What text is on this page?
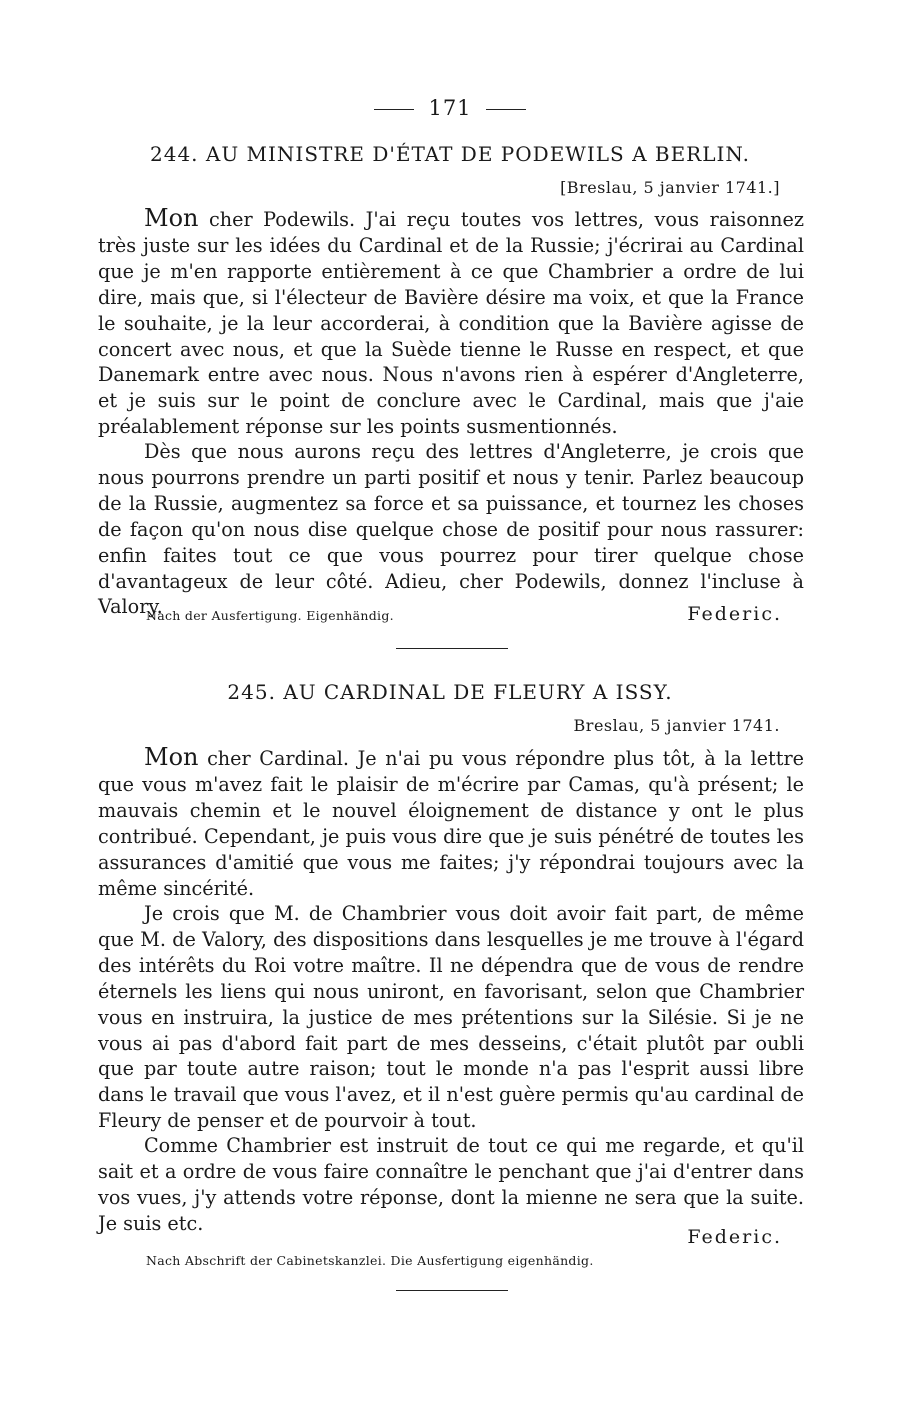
171
244. AU MINISTRE D'ÉTAT DE PODEWILS A BERLIN.
[Breslau, 5 janvier 1741.]

Mon cher Podewils. J'ai reçu toutes vos lettres, vous raisonnez très juste sur les idées du Cardinal et de la Russie; j'écrirai au Cardinal que je m'en rapporte entièrement à ce que Chambrier a ordre de lui dire, mais que, si l'électeur de Bavière désire ma voix, et que la France le souhaite, je la leur accorderai, à condition que la Bavière agisse de concert avec nous, et que la Suède tienne le Russe en respect, et que Danemark entre avec nous. Nous n'avons rien à espérer d'Angleterre, et je suis sur le point de conclure avec le Cardinal, mais que j'aie préalablement réponse sur les points susmentionnés.

Dès que nous aurons reçu des lettres d'Angleterre, je crois que nous pourrons prendre un parti positif et nous y tenir. Parlez beaucoup de la Russie, augmentez sa force et sa puissance, et tournez les choses de façon qu'on nous dise quelque chose de positif pour nous rassurer: enfin faites tout ce que vous pourrez pour tirer quelque chose d'avantageux de leur côté. Adieu, cher Podewils, donnez l'incluse à Valory.

Nach der Ausfertigung. Eigenhändig.	Federic.
245. AU CARDINAL DE FLEURY A ISSY.
Breslau, 5 janvier 1741.

Mon cher Cardinal. Je n'ai pu vous répondre plus tôt, à la lettre que vous m'avez fait le plaisir de m'écrire par Camas, qu'à présent; le mauvais chemin et le nouvel éloignement de distance y ont le plus contribué. Cependant, je puis vous dire que je suis pénétré de toutes les assurances d'amitié que vous me faites; j'y répondrai toujours avec la même sincérité.

Je crois que M. de Chambrier vous doit avoir fait part, de même que M. de Valory, des dispositions dans lesquelles je me trouve à l'égard des intérêts du Roi votre maître. Il ne dépendra que de vous de rendre éternels les liens qui nous uniront, en favorisant, selon que Chambrier vous en instruira, la justice de mes prétentions sur la Silésie. Si je ne vous ai pas d'abord fait part de mes desseins, c'était plutôt par oubli que par toute autre raison; tout le monde n'a pas l'esprit aussi libre dans le travail que vous l'avez, et il n'est guère permis qu'au cardinal de Fleury de penser et de pourvoir à tout.

Comme Chambrier est instruit de tout ce qui me regarde, et qu'il sait et a ordre de vous faire connaître le penchant que j'ai d'entrer dans vos vues, j'y attends votre réponse, dont la mienne ne sera que la suite. Je suis etc.

Federic.
Nach Abschrift der Cabinetskanzlei. Die Ausfertigung eigenhändig.
